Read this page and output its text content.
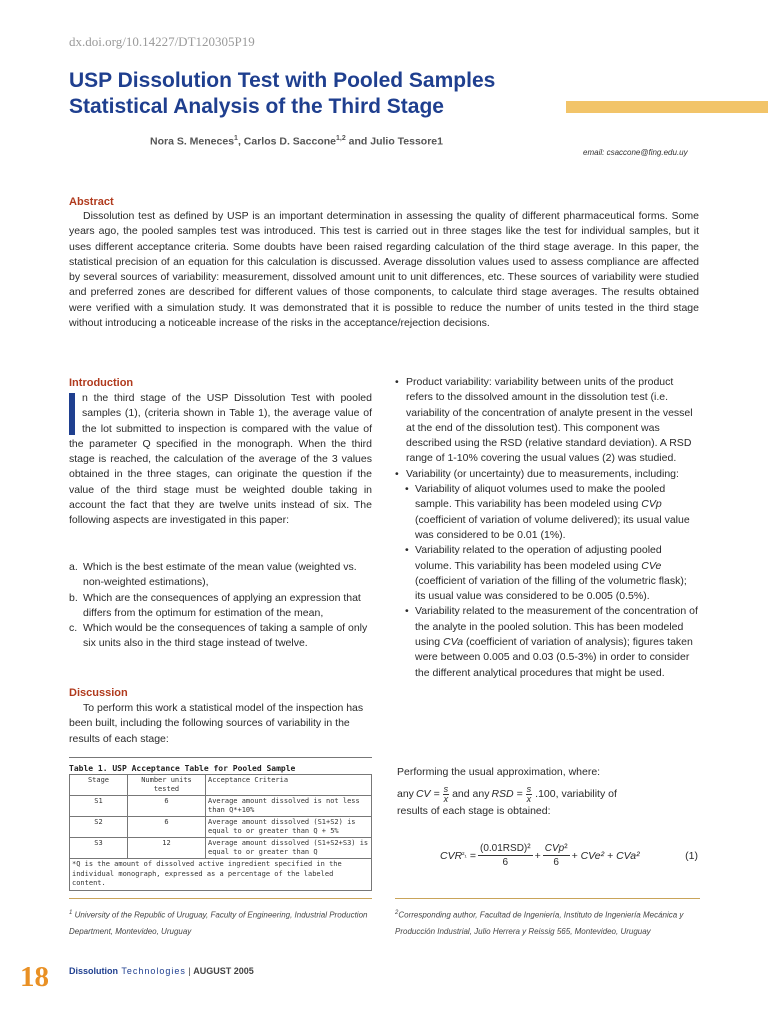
dx.doi.org/10.14227/DT120305P19
USP Dissolution Test with Pooled Samples
Statistical Analysis of the Third Stage
Nora S. Meneces$^1$, Carlos D. Saccone$^{1,2}$ and Julio Tessore1
email: csaccone@fing.edu.uy
Abstract
Dissolution test as defined by USP is an important determination in assessing the quality of different pharmaceutical forms. Some years ago, the pooled samples test was introduced. This test is carried out in three stages like the test for individual samples, but it uses different acceptance criteria. Some doubts have been raised regarding calculation of the third stage average. In this paper, the statistical precision of an equation for this calculation is discussed. Average dissolution values used to assess compliance are affected by several sources of variability: measurement, dissolved amount unit to unit differences, etc. These sources of variability were studied and preferred zones are described for different values of those components, to calculate third stage averages. The results obtained were verified with a simulation study. It was demonstrated that it is possible to reduce the number of units tested in the third stage without introducing a noticeable increase of the risks in the acceptance/rejection decisions.
Introduction
n the third stage of the USP Dissolution Test with pooled samples (1), (criteria shown in Table 1), the average value of the lot submitted to inspection is compared with the value of the parameter Q specified in the monograph. When the third stage is reached, the calculation of the average of the 3 values obtained in the three stages, can originate the question if the value of the third stage must be weighted double taking in account the fact that they are twelve units instead of six. The following aspects are investigated in this paper:
a. Which is the best estimate of the mean value (weighted vs. non-weighted estimations),
b. Which are the consequences of applying an expression that differs from the optimum for estimation of the mean,
c. Which would be the consequences of taking a sample of only six units also in the third stage instead of twelve.
Discussion
To perform this work a statistical model of the inspection has been built, including the following sources of variability in the results of each stage:
Table 1. USP Acceptance Table for Pooled Sample
Stage	Number units tested	Acceptance Criteria
S1	6	Average amount dissolved is not less than Q*+10%
S2	6	Average amount dissolved (S1+S2) is equal to or greater than Q + 5%
S3	12	Average amount dissolved (S1+S2+S3) is equal to or greater than Q
*Q is the amount of dissolved active ingredient specified in the individual monograph, expressed as a percentage of the labeled content.
• Product variability: variability between units of the product refers to the dissolved amount in the dissolution test (i.e. variability of the concentration of analyte present in the vessel at the end of the dissolution test). This component was described using the RSD (relative standard deviation). A RSD range of 1-10% covering the usual values (2) was studied.
• Variability (or uncertainty) due to measurements, including:
• Variability of aliquot volumes used to make the pooled sample. This variability has been modeled using CVp (coefficient of variation of volume delivered); its usual value was considered to be 0.01 (1%).
• Variability related to the operation of adjusting pooled volume. This variability has been modeled using CVe (coefficient of variation of the filling of the volumetric flask); its usual value was considered to be 0.005 (0.5%).
• Variability related to the measurement of the concentration of the analyte in the pooled solution. This has been modeled using CVa (coefficient of variation of analysis); figures taken were between 0.005 and 0.03 (0.5-3%) in order to consider the different analytical procedures that might be used.
Performing the usual approximation, where:
any CV = $\frac{s}{x}$ and any RSD = $\frac{s}{x} .100$, variability of
results of each stage is obtained:
CVR $^2_1 = \frac{\text{(0.01RSD)²}}{6} + \frac{\text{CVp²}}{6} + CVe^2 + CVa^2$	(1)
$^1$ University of the Republic of Uruguay, Faculty of Engineering, Industrial Production Department, Montevideo, Uruguay
$^2$Corresponding author, Facultad de Ingeniería, Instituto de Ingeniería Mecánica y Producción Industrial, Julio Herrera y Reissig 565, Montevideo, Uruguay
18 Dissolution Technologies | AUGUST 2005
